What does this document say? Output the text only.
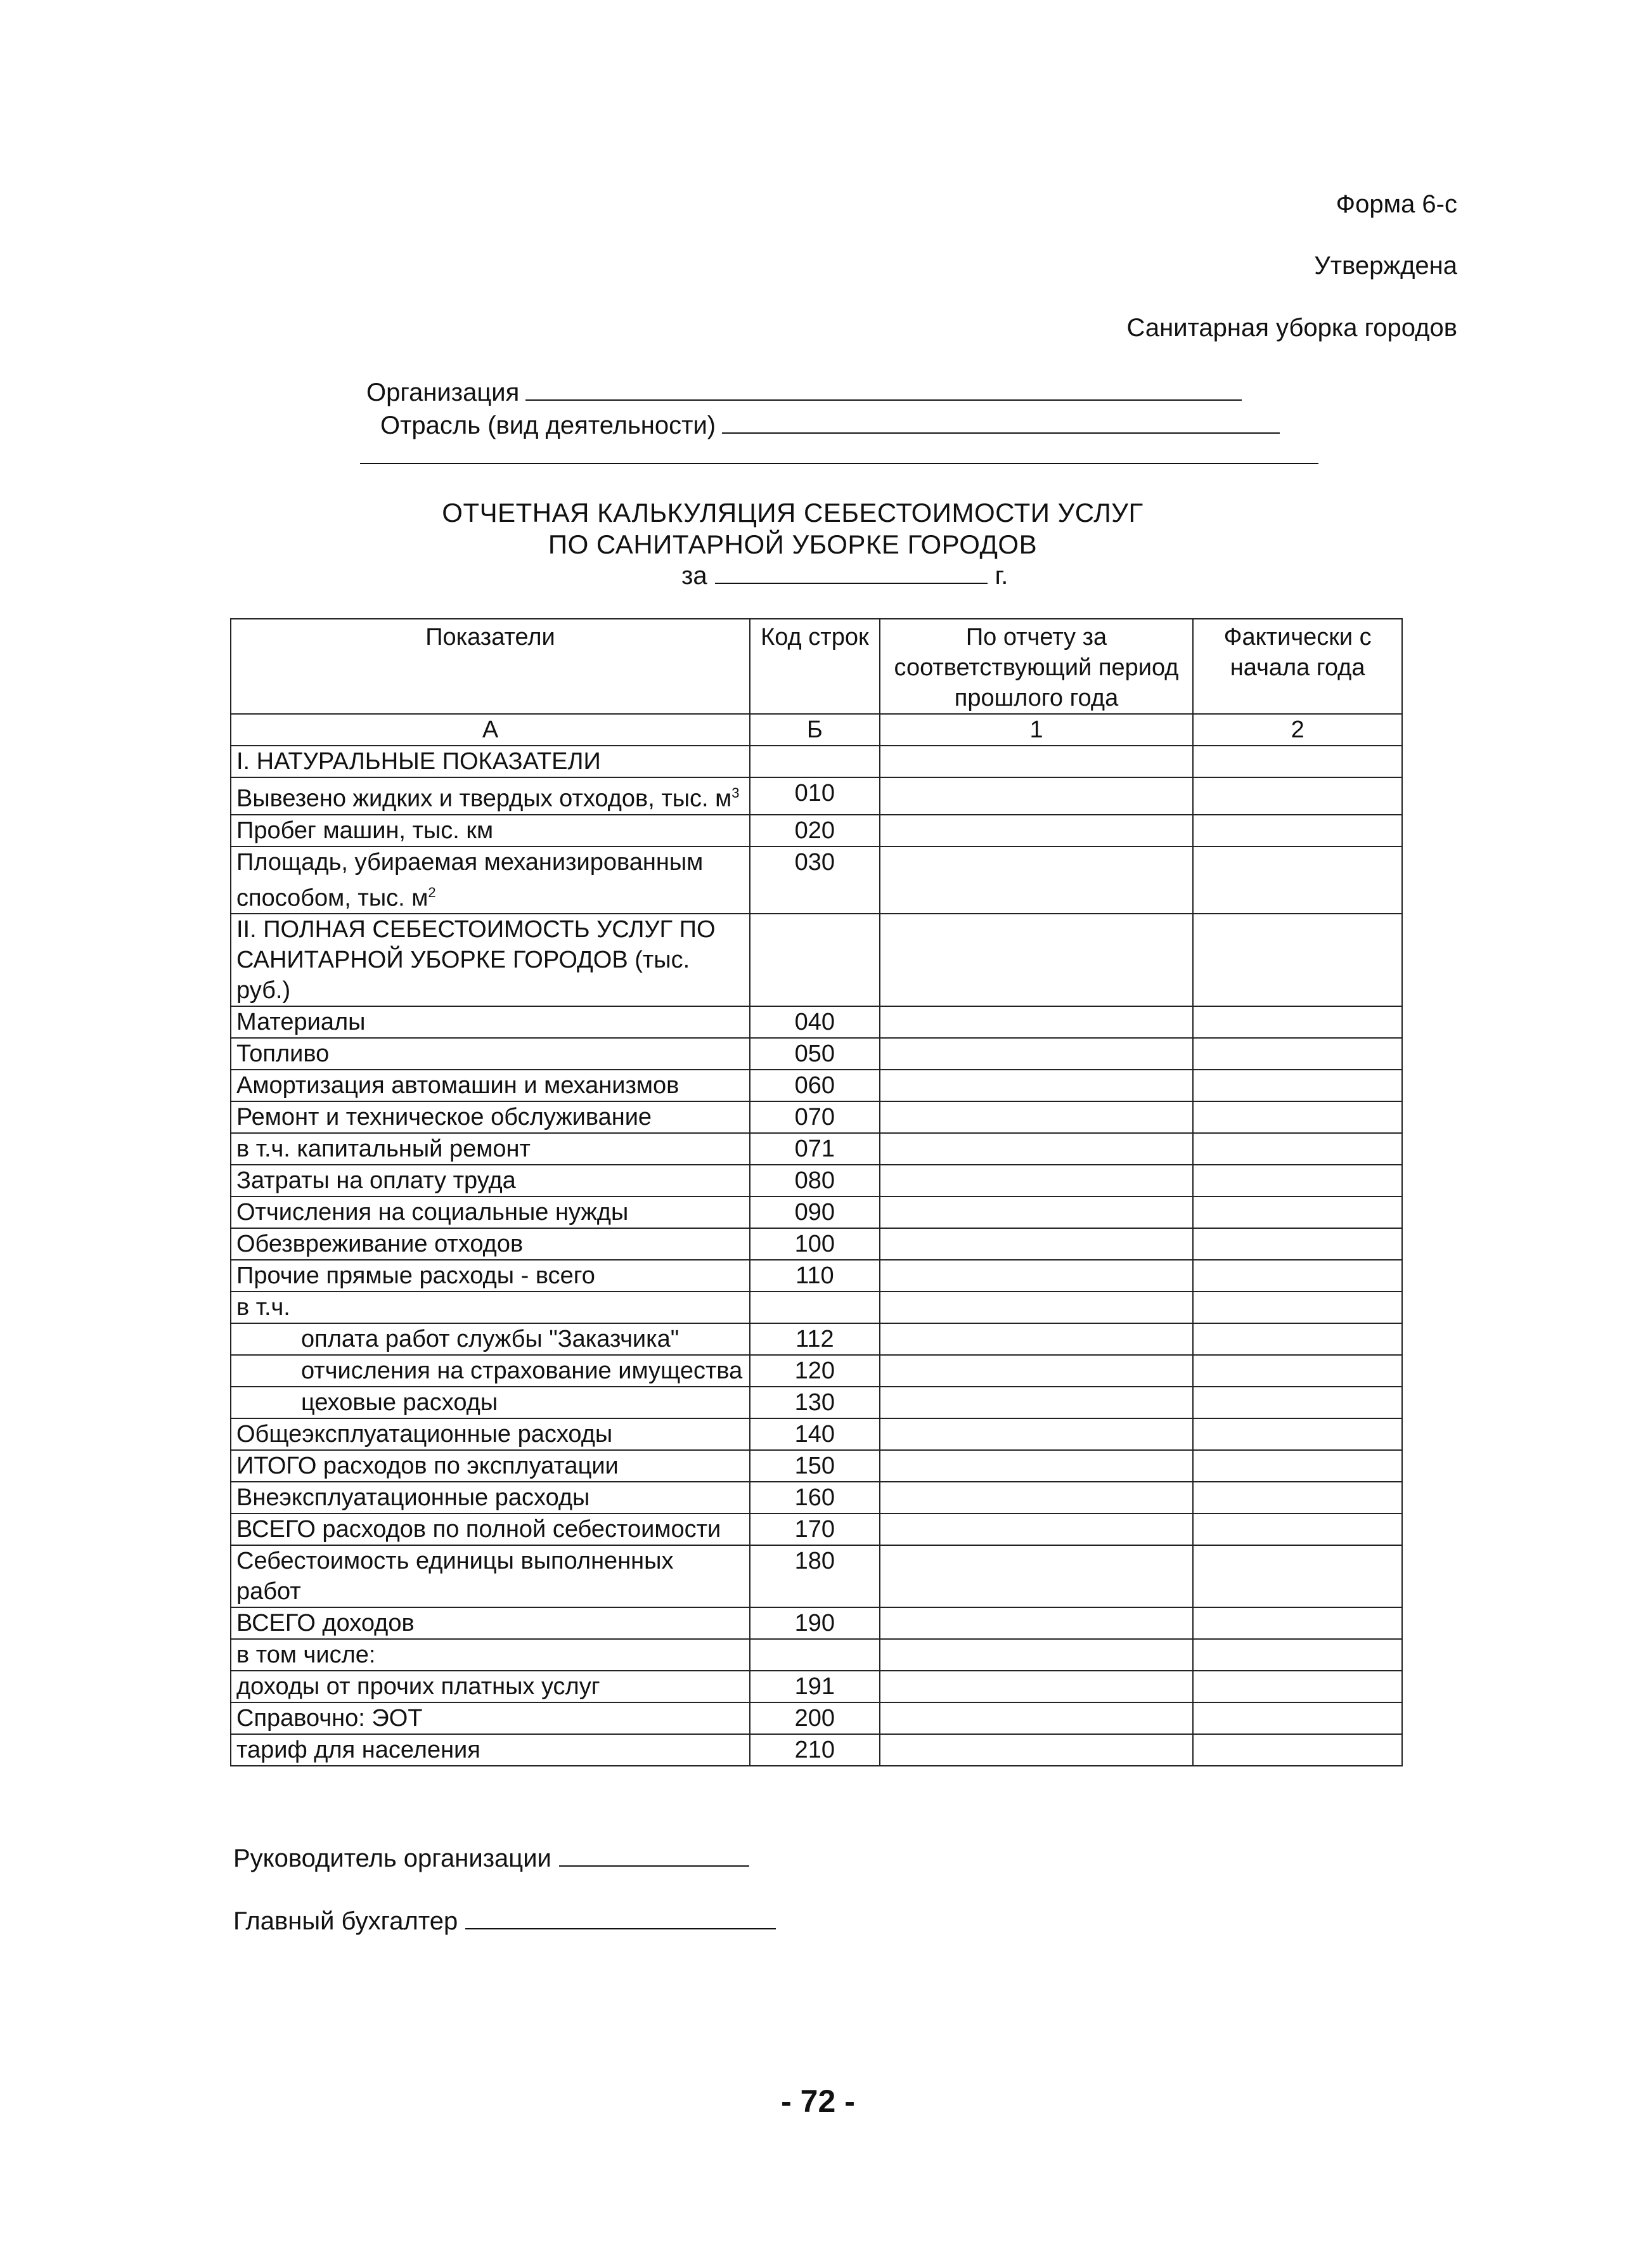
Форма 6-с
Утверждена
Санитарная уборка городов
Организация
Отрасль (вид деятельности)
ОТЧЕТНАЯ КАЛЬКУЛЯЦИЯ СЕБЕСТОИМОСТИ УСЛУГ
ПО САНИТАРНОЙ УБОРКЕ ГОРОДОВ
за	г.
Показатели	Код строк	По отчету за соответствующий период прошлого года	Фактически с начала года
А	Б	1	2
I. НАТУРАЛЬНЫЕ ПОКАЗАТЕЛИ			
Вывезено жидких и твердых отходов, тыс. $м^3$	010		
Пробег машин, тыс. км	020		
Площадь, убираемая механизированным способом, тыс. $м^2$	030		
II. ПОЛНАЯ СЕБЕСТОИМОСТЬ УСЛУГ ПО САНИТАРНОЙ УБОРКЕ ГОРОДОВ (тыс. руб.)			
Материалы	040		
Топливо	050		
Амортизация автомашин и механизмов	060		
Ремонт и техническое обслуживание	070		
в т.ч. капитальный ремонт	071		
Затраты на оплату труда	080		
Отчисления на социальные нужды	090		
Обезвреживание отходов	100		
Прочие прямые расходы - всего	110		
в т.ч.			
оплата работ службы "Заказчика"	112		
отчисления на страхование имущества	120		
цеховые расходы	130		
Общеэксплуатационные расходы	140		
ИТОГО расходов по эксплуатации	150		
Внеэксплуатационные расходы	160		
ВСЕГО расходов по полной себестоимости	170		
Себестоимость единицы выполненных работ	180		
ВСЕГО доходов	190		
в том числе:			
доходы от прочих платных услуг	191		
Справочно: ЭОТ	200		
тариф для населения	210		
Руководитель организации
Главный бухгалтер
- 72 -
